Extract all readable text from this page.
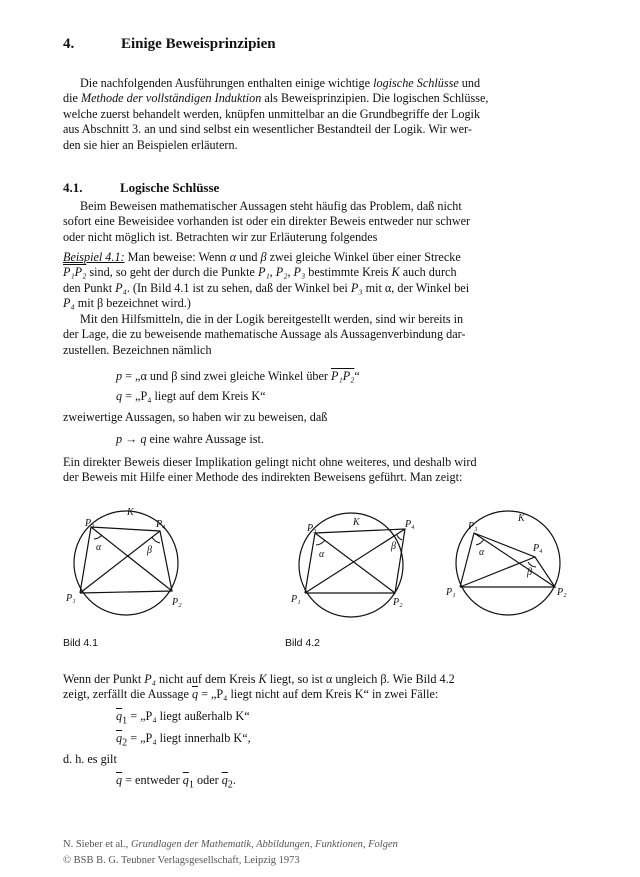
4.	Einige Beweisprinzipien
Die nachfolgenden Ausführungen enthalten einige wichtige logische Schlüsse und
die Methode der vollständigen Induktion als Beweisprinzipien. Die logischen Schlüsse,
welche zuerst behandelt werden, knüpfen unmittelbar an die Grundbegriffe der Logik
aus Abschnitt 3. an und sind selbst ein wesentlicher Bestandteil der Logik. Wir wer-
den sie hier an Beispielen erläutern.
4.1.	Logische Schlüsse
Beim Beweisen mathematischer Aussagen steht häufig das Problem, daß nicht
sofort eine Beweisidee vorhanden ist oder ein direkter Beweis entweder nur schwer
oder nicht möglich ist. Betrachten wir zur Erläuterung folgendes
Beispiel 4.1: Man beweise: Wenn α und β zwei gleiche Winkel über einer Strecke
P₁P₂ sind, so geht der durch die Punkte P₁, P₂, P₃ bestimmte Kreis K auch durch
den Punkt P₄. (In Bild 4.1 ist zu sehen, daß der Winkel bei P₃ mit α, der Winkel bei
P₄ mit β bezeichnet wird.)
Mit den Hilfsmitteln, die in der Logik bereitgestellt werden, sind wir bereits in
der Lage, die zu beweisende mathematische Aussage als Aussagenverbindung dar-
zustellen. Bezeichnen nämlich
p = „α und β sind zwei gleiche Winkel über P₁P₂“
q = „P₄ liegt auf dem Kreis K“
zweiwertige Aussagen, so haben wir zu beweisen, daß
p → q eine wahre Aussage ist.
Ein direkter Beweis dieser Implikation gelingt nicht ohne weiteres, und deshalb wird
der Beweis mit Hilfe einer Methode des indirekten Beweisens geführt. Man zeigt:
P₃	P₄
K
α	β
P₁	P₂
Bild 4.1
P₃	P₄
K
α
β
P₁	P₂
Bild 4.2
P₃
P₄
K
α
β
P₁	P₂
Wenn der Punkt P₄ nicht auf dem Kreis K liegt, so ist α ungleich β. Wie Bild 4.2
zeigt, zerfällt die Aussage $\overline{q}$ = „P₄ liegt nicht auf dem Kreis K“ in zwei Fälle:
$\overline{q}_1$ = „P₄ liegt außerhalb K“
$\overline{q}_2$ = „P₄ liegt innerhalb K“,
d. h. es gilt
$\overline{q}$ = entweder $\overline{q}_1$ oder $\overline{q}_2$.
N. Sieber et al., Grundlagen der Mathematik, Abbildungen, Funktionen, Folgen
© BSB B. G. Teubner Verlagsgesellschaft, Leipzig 1973
